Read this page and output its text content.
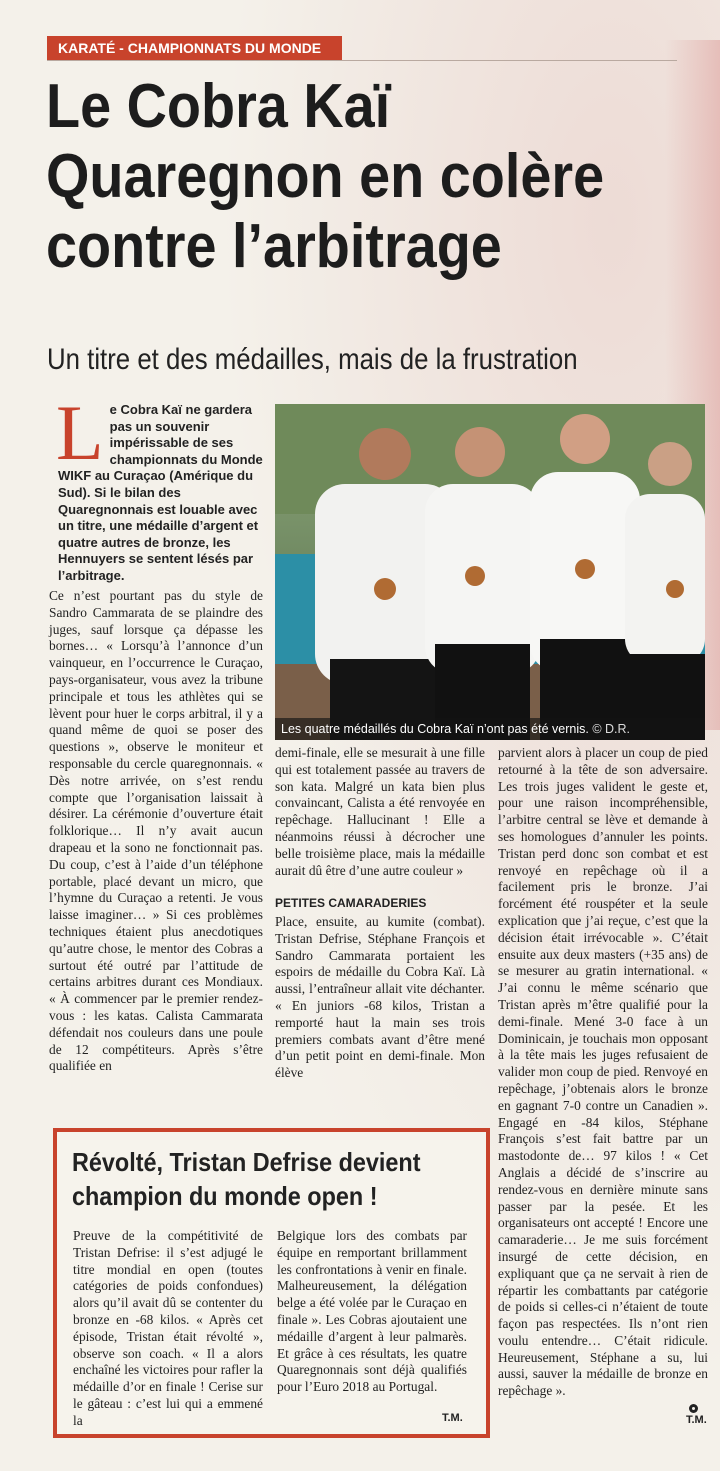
KARATÉ - CHAMPIONNATS DU MONDE
Le Cobra Kaï Quaregnon en colère contre l’arbitrage
Un titre et des médailles, mais de la frustration
Le Cobra Kaï ne gardera pas un souvenir impérissable de ses championnats du Monde WIKF au Curaçao (Amérique du Sud). Si le bilan des Quaregnonnais est louable avec un titre, une médaille d’argent et quatre autres de bronze, les Hennuyers se sentent lésés par l’arbitrage.
Ce n’est pourtant pas du style de Sandro Cammarata de se plaindre des juges, sauf lorsque ça dépasse les bornes… « Lorsqu’à l’annonce d’un vainqueur, en l’occurrence le Curaçao, pays-organisateur, vous avez la tribune principale et tous les athlètes qui se lèvent pour huer le corps arbitral, il y a quand même de quoi se poser des questions », observe le moniteur et responsable du cercle quaregnonnais. « Dès notre arrivée, on s’est rendu compte que l’organisation laissait à désirer. La cérémonie d’ouverture était folklorique… Il n’y avait aucun drapeau et la sono ne fonctionnait pas. Du coup, c’est à l’aide d’un téléphone portable, placé devant un micro, que l’hymne du Curaçao a retenti. Je vous laisse imaginer… » Si ces problèmes techniques étaient plus anecdotiques qu’autre chose, le mentor des Cobras a surtout été outré par l’attitude de certains arbitres durant ces Mondiaux. « À commencer par le premier rendez-vous : les katas. Calista Cammarata défendait nos couleurs dans une poule de 12 compétiteurs. Après s’être qualifiée en
Les quatre médaillés du Cobra Kaï n’ont pas été vernis. © D.R.
demi-finale, elle se mesurait à une fille qui est totalement passée au travers de son kata. Malgré un kata bien plus convaincant, Calista a été renvoyée en repêchage. Hallucinant ! Elle a néanmoins réussi à décrocher une belle troisième place, mais la médaille aurait dû être d’une autre couleur »
PETITES CAMARADERIES
Place, ensuite, au kumite (combat). Tristan Defrise, Stéphane François et Sandro Cammarata portaient les espoirs de médaille du Cobra Kaï. Là aussi, l’entraîneur allait vite déchanter. « En juniors -68 kilos, Tristan a remporté haut la main ses trois premiers combats avant d’être mené d’un petit point en demi-finale. Mon élève
parvient alors à placer un coup de pied retourné à la tête de son adversaire. Les trois juges valident le geste et, pour une raison incompréhensible, l’arbitre central se lève et demande à ses homologues d’annuler les points. Tristan perd donc son combat et est renvoyé en repêchage où il a facilement pris le bronze. J’ai forcément été rouspéter et la seule explication que j’ai reçue, c’est que la décision était irrévocable ». C’était ensuite aux deux masters (+35 ans) de se mesurer au gratin international. « J’ai connu le même scénario que Tristan après m’être qualifié pour la demi-finale. Mené 3-0 face à un Dominicain, je touchais mon opposant à la tête mais les juges refusaient de valider mon coup de pied. Renvoyé en repêchage, j’obtenais alors le bronze en gagnant 7-0 contre un Canadien ». Engagé en -84 kilos, Stéphane François s’est fait battre par un mastodonte de… 97 kilos ! « Cet Anglais a décidé de s’inscrire au rendez-vous en dernière minute sans passer par la pesée. Et les organisateurs ont accepté ! Encore une camaraderie… Je me suis forcément insurgé de cette décision, en expliquant que ça ne servait à rien de répartir les combattants par catégorie de poids si celles-ci n’étaient de toute façon pas respectées. Ils n’ont rien voulu entendre… C’était ridicule. Heureusement, Stéphane a su, lui aussi, sauver la médaille de bronze en repêchage ».
T.M.
Révolté, Tristan Defrise devient champion du monde open !
Preuve de la compétitivité de Tristan Defrise: il s’est adjugé le titre mondial en open (toutes catégories de poids confondues) alors qu’il avait dû se contenter du bronze en -68 kilos. « Après cet épisode, Tristan était révolté », observe son coach. « Il a alors enchaîné les victoires pour rafler la médaille d’or en finale ! Cerise sur le gâteau : c’est lui qui a emmené la
Belgique lors des combats par équipe en remportant brillamment les confrontations à venir en finale. Malheureusement, la délégation belge a été volée par le Curaçao en finale ». Les Cobras ajoutaient une médaille d’argent à leur palmarès. Et grâce à ces résultats, les quatre Quaregnonnais sont déjà qualifiés pour l’Euro 2018 au Portugal.
T.M.
